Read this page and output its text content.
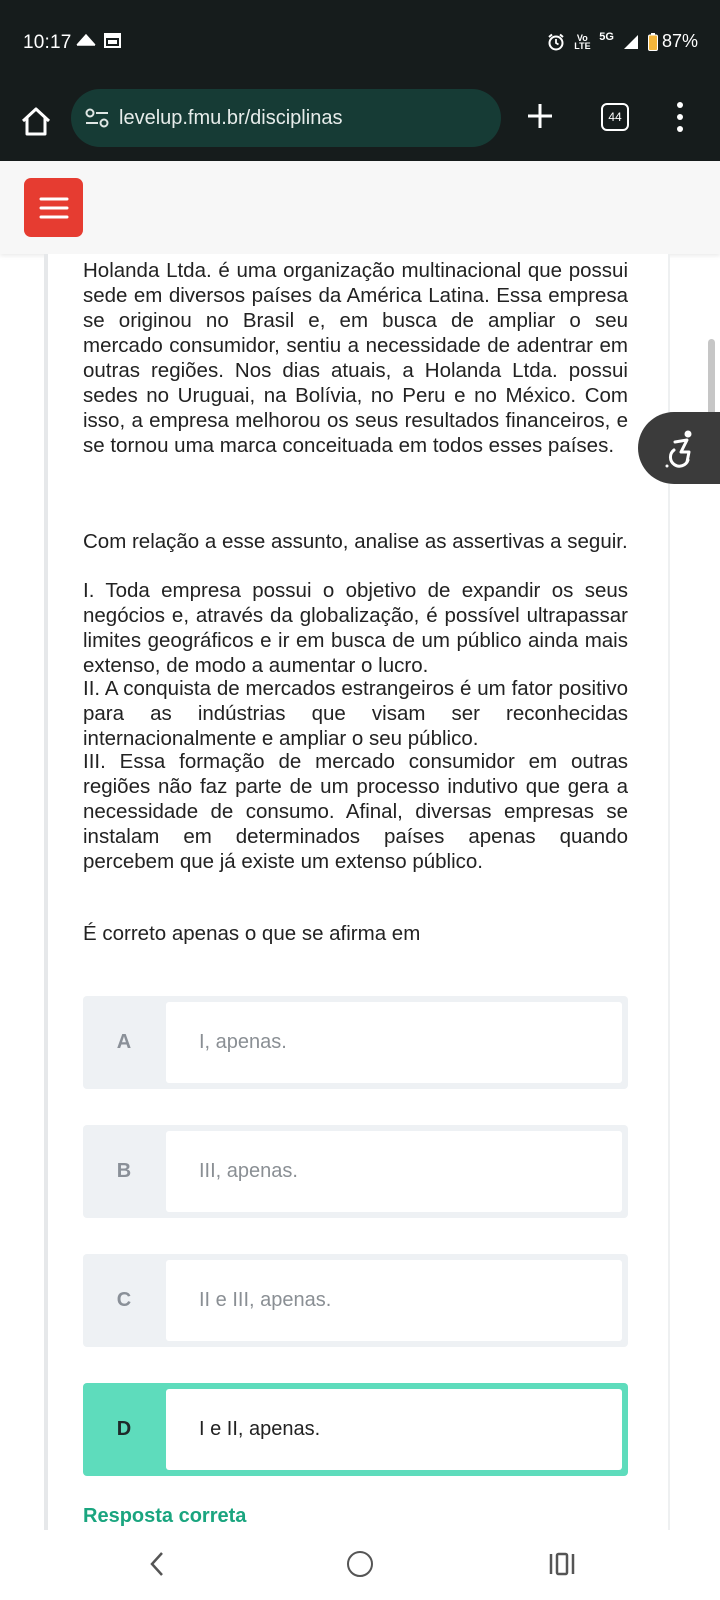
10:17	Vo LTE
5G	87%
levelup.fmu.br/disciplinas	44

Holanda Ltda. é uma organização multinacional que possui sede em diversos países da América Latina. Essa empresa se originou no Brasil e, em busca de ampliar o seu mercado consumidor, sentiu a necessidade de adentrar em outras regiões. Nos dias atuais, a Holanda Ltda. possui sedes no Uruguai, na Bolívia, no Peru e no México. Com isso, a empresa melhorou os seus resultados financeiros, e se tornou uma marca conceituada em todos esses países.

Com relação a esse assunto, analise as assertivas a seguir.

I. Toda empresa possui o objetivo de expandir os seus negócios e, através da globalização, é possível ultrapassar limites geográficos e ir em busca de um público ainda mais extenso, de modo a aumentar o lucro.

II. A conquista de mercados estrangeiros é um fator positivo para as indústrias que visam ser reconhecidas internacionalmente e ampliar o seu público.

III. Essa formação de mercado consumidor em outras regiões não faz parte de um processo indutivo que gera a necessidade de consumo. Afinal, diversas empresas se instalam em determinados países apenas quando percebem que já existe um extenso público.

É correto apenas o que se afirma em

A	I, apenas.
B	III, apenas.
C	II e III, apenas.
D	I e II, apenas.
Resposta correta
